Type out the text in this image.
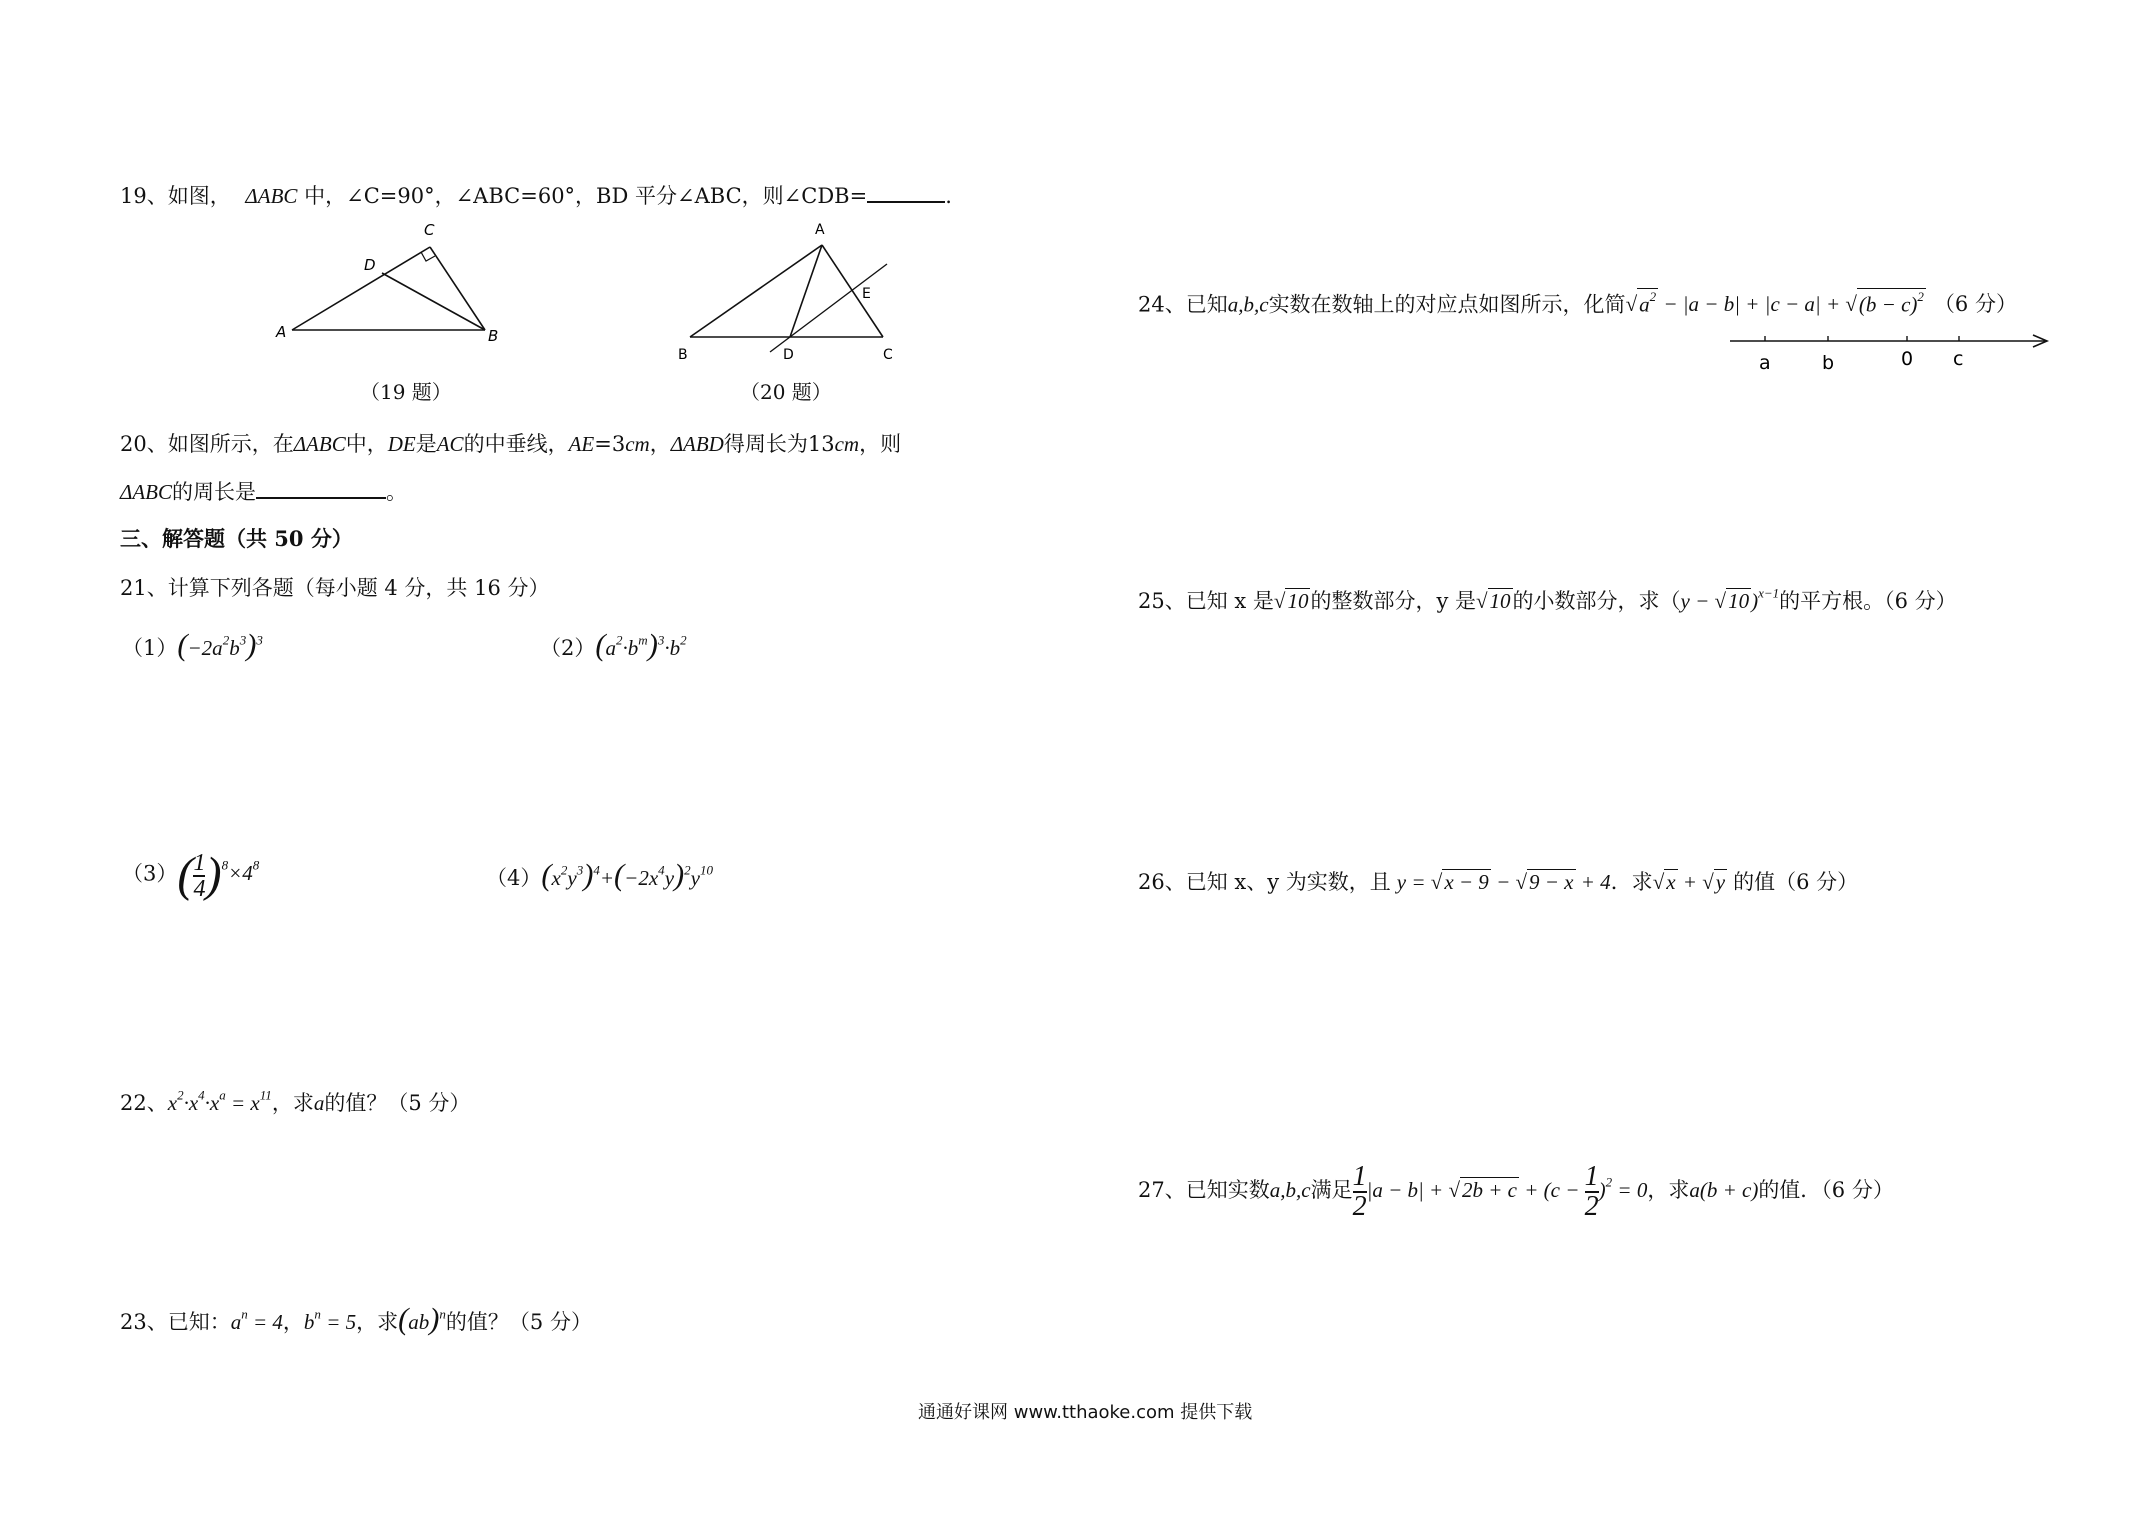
19、如图， ΔABC 中，∠C=90°，∠ABC=60°，BD 平分∠ABC，则∠CDB=	.
A	B
C
D
（19 题）
A
B	C
D
E
（20 题）
20、如图所示，在ΔABC中，DE是AC的中垂线，AE=3cm，ΔABD得周长为13cm，则
ΔABC的周长是	。
三、解答题（共 50 分）
21、计算下列各题（每小题 4 分，共 16 分）
$(1)(-2a^2b^3)^3$	$(2)(a^2\cdot b^m)^3\cdot b^2$
$(3)( \frac{1}{4} )^8\times 4^8$
$(4)(x^2y^3)^4+(-2x^4y)^2y^{10}$
22、$x^2\cdot x^4\cdot x^a = x^{11}$，求a的值？（5 分）
23、已知：$a^n = 4$，$b^n = 5$，求(ab)$^n$的值？（5 分）
24、已知a,b,c实数在数轴上的对应点如图所示，化简$√a^2 - |a - b| + |c - a| + √(b - c)^2$ （6 分）
a	b	0 c
25、已知 x 是√10的整数部分，y 是√10的小数部分，求（y − √10)$^{x-1}$的平方根。（6 分）
26、已知 x、y 为实数，且 y = √x − 9 − √9 − x + 4．求√x + √y 的值（6 分）
27、已知实数a,b,c满足 $\frac{1}{2} |a - b| + √2b + c + (c - \frac{1}{2} )^2 = 0$，求a(b + c)的值．（6 分）
通通好课网 www.tthaoke.com 提供下载
